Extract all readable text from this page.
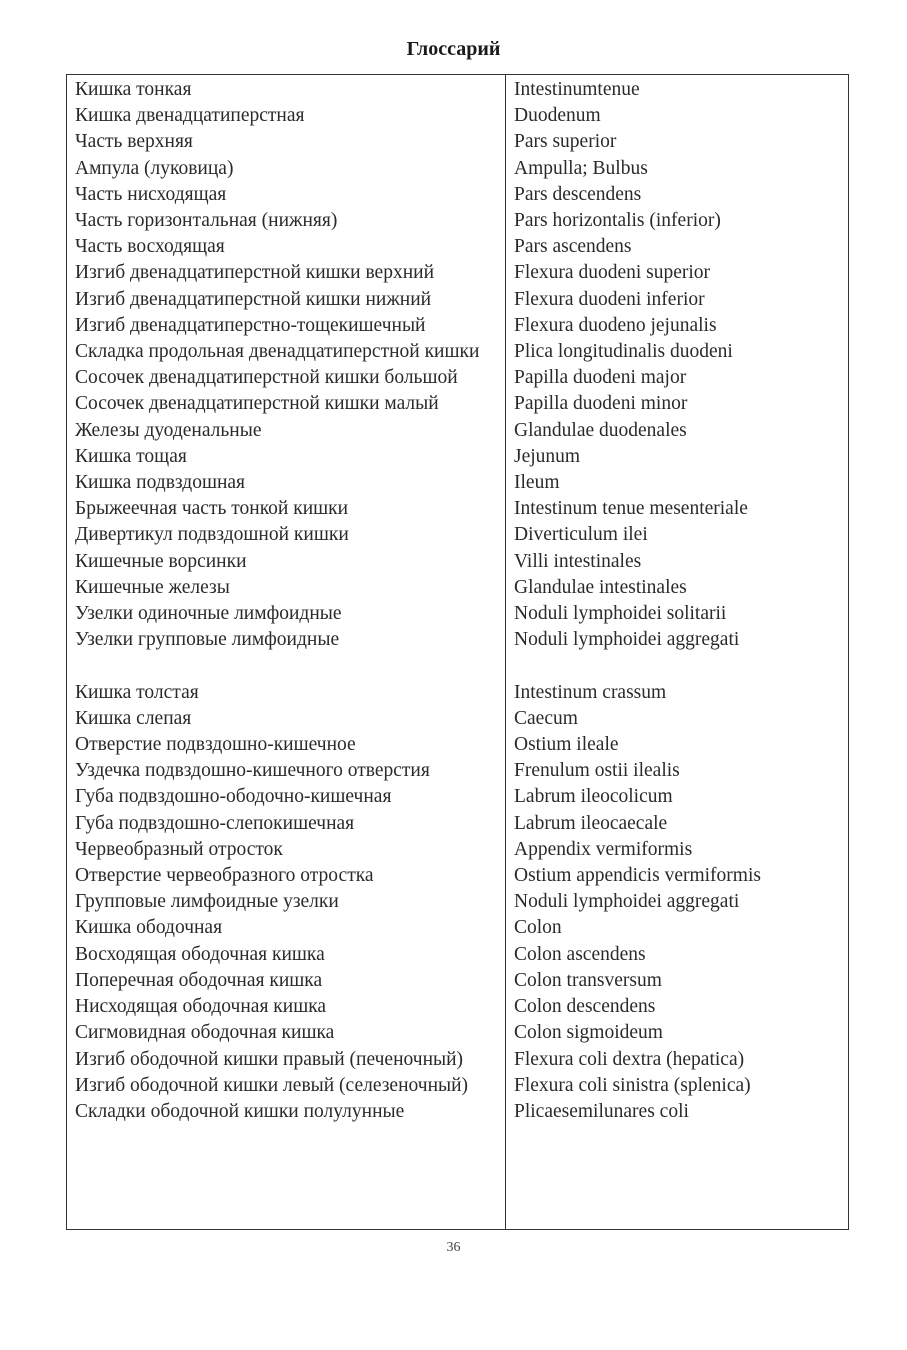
Глоссарий
Кишка тонкая	Intestinumtenue
Кишка двенадцатиперстная	Duodenum
Часть верхняя	Pars superior
Ампула (луковица)	Ampulla; Bulbus
Часть нисходящая	Pars descendens
Часть горизонтальная (нижняя)	Pars horizontalis (inferior)
Часть восходящая	Pars ascendens
Изгиб двенадцатиперстной кишки верхний	Flexura duodeni superior
Изгиб двенадцатиперстной кишки нижний	Flexura duodeni inferior
Изгиб двенадцатиперстно-тощекишечный	Flexura duodeno jejunalis
Складка продольная двенадцатиперстной кишки	Plica longitudinalis duodeni
Сосочек двенадцатиперстной кишки большой	Papilla duodeni major
Сосочек двенадцатиперстной кишки малый	Papilla duodeni minor
Железы дуоденальные	Glandulae duodenales
Кишка тощая	Jejunum
Кишка подвздошная	Ileum
Брыжеечная часть тонкой кишки	Intestinum tenue mesenteriale
Дивертикул подвздошной кишки	Diverticulum ilei
Кишечные ворсинки	Villi intestinales
Кишечные железы	Glandulae intestinales
Узелки одиночные лимфоидные	Noduli lymphoidei solitarii
Узелки групповые лимфоидные	Noduli lymphoidei aggregati
Кишка толстая	Intestinum crassum
Кишка слепая	Caecum
Отверстие подвздошно-кишечное	Ostium ileale
Уздечка подвздошно-кишечного отверстия	Frenulum ostii ilealis
Губа подвздошно-ободочно-кишечная	Labrum ileocolicum
Губа подвздошно-слепокишечная	Labrum ileocaecale
Червеобразный отросток	Appendix vermiformis
Отверстие червеобразного отростка	Ostium appendicis vermiformis
Групповые лимфоидные узелки	Noduli lymphoidei aggregati
Кишка ободочная	Colon
Восходящая ободочная кишка	Colon ascendens
Поперечная ободочная кишка	Colon transversum
Нисходящая ободочная кишка	Colon descendens
Сигмовидная ободочная кишка	Colon sigmoideum
Изгиб ободочной кишки правый (печеночный)	Flexura coli dextra (hepatica)
Изгиб ободочной кишки левый (селезеночный)	Flexura coli sinistra (splenica)
Складки ободочной кишки полулунные	Plicaesemilunares coli
36
